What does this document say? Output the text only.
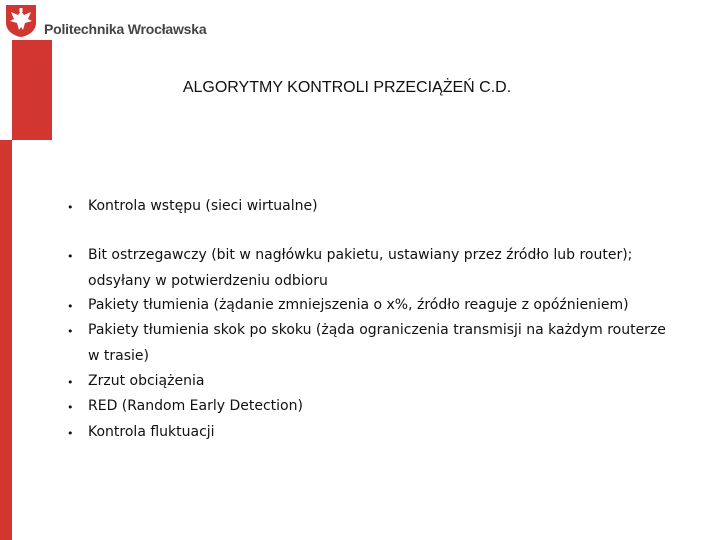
Politechnika Wrocławska
ALGORYTMY KONTROLI PRZECIĄŻEŃ C.D.
• Kontrola wstępu (sieci wirtualne)
• Bit ostrzegawczy (bit w nagłówku pakietu, ustawiany przez źródło lub router);
odsyłany w potwierdzeniu odbioru
• Pakiety tłumienia (żądanie zmniejszenia o x%, źródło reaguje z opóźnieniem)
• Pakiety tłumienia skok po skoku (żąda ograniczenia transmisji na każdym routerze
w trasie)
• Zrzut obciążenia
• RED (Random Early Detection)
• Kontrola fluktuacji
